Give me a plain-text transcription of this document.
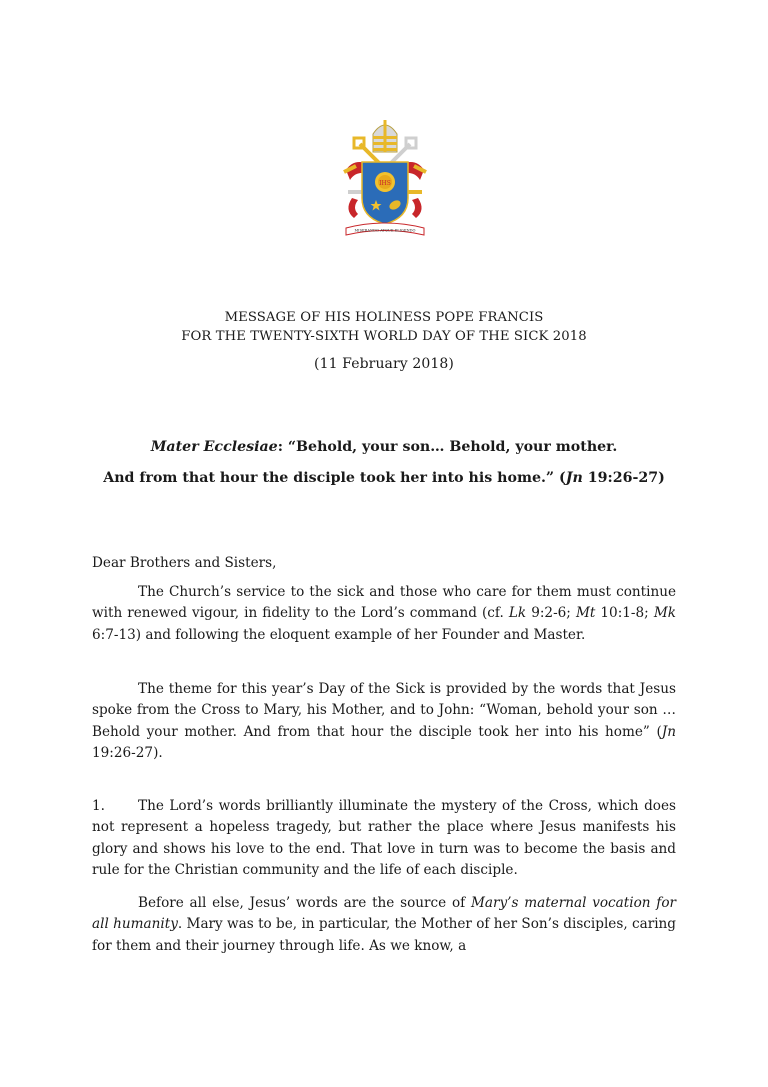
IHS
MISERANDO ATQUE ELIGENDO
MESSAGE OF HIS HOLINESS POPE FRANCIS
FOR THE TWENTY-SIXTH WORLD DAY OF THE SICK 2018
(11 February 2018)
Mater Ecclesiae: “Behold, your son… Behold, your mother.
And from that hour the disciple took her into his home.” (Jn 19:26-27)

Dear Brothers and Sisters,

The Church’s service to the sick and those who care for them must continue with renewed vigour, in fidelity to the Lord’s command (cf. Lk 9:2-6; Mt 10:1-8; Mk 6:7-13) and following the eloquent example of her Founder and Master.

The theme for this year’s Day of the Sick is provided by the words that Jesus spoke from the Cross to Mary, his Mother, and to John: “Woman, behold your son … Behold your mother. And from that hour the disciple took her into his home” (Jn 19:26-27).

1. The Lord’s words brilliantly illuminate the mystery of the Cross, which does not represent a hopeless tragedy, but rather the place where Jesus manifests his glory and shows his love to the end. That love in turn was to become the basis and rule for the Christian community and the life of each disciple.

Before all else, Jesus’ words are the source of Mary’s maternal vocation for all humanity. Mary was to be, in particular, the Mother of her Son’s disciples, caring for them and their journey through life. As we know, a
